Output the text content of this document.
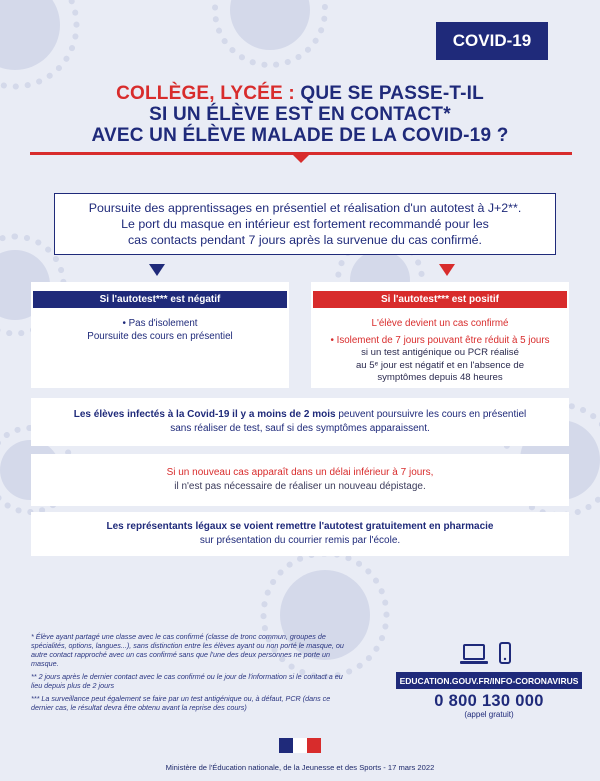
COVID-19
COLLÈGE, LYCÉE : QUE SE PASSE-T-IL
SI UN ÉLÈVE EST EN CONTACT*
AVEC UN ÉLÈVE MALADE DE LA COVID-19 ?
Poursuite des apprentissages en présentiel et réalisation d'un autotest à J+2**.
Le port du masque en intérieur est fortement recommandé pour les
cas contacts pendant 7 jours après la survenue du cas confirmé.
Si l'autotest*** est négatif
• Pas d'isolement
Poursuite des cours en présentiel
Si l'autotest*** est positif
L'élève devient un cas confirmé
• Isolement de 7 jours pouvant être réduit à 5 jours
si un test antigénique ou PCR réalisé
au 5ᵉ jour est négatif et en l'absence de
symptômes depuis 48 heures
Les élèves infectés à la Covid-19 il y a moins de 2 mois peuvent poursuivre les cours en présentiel
sans réaliser de test, sauf si des symptômes apparaissent.
Si un nouveau cas apparaît dans un délai inférieur à 7 jours,
il n'est pas nécessaire de réaliser un nouveau dépistage.
Les représentants légaux se voient remettre l'autotest gratuitement en pharmacie
sur présentation du courrier remis par l'école.

* Élève ayant partagé une classe avec le cas confirmé (classe de tronc commun, groupes de spécialités, options, langues...), sans distinction entre les élèves ayant ou non porté le masque, ou autre contact rapproché avec un cas confirmé sans que l'une des deux personnes ne porte un masque.

** 2 jours après le dernier contact avec le cas confirmé ou le jour de l'information si le contact a eu lieu depuis plus de 2 jours

*** La surveillance peut également se faire par un test antigénique ou, à défaut, PCR (dans ce dernier cas, le résultat devra être obtenu avant la reprise des cours)

EDUCATION.GOUV.FR/INFO-CORONAVIRUS
0 800 130 000
(appel gratuit)
Ministère de l'Éducation nationale, de la Jeunesse et des Sports - 17 mars 2022
